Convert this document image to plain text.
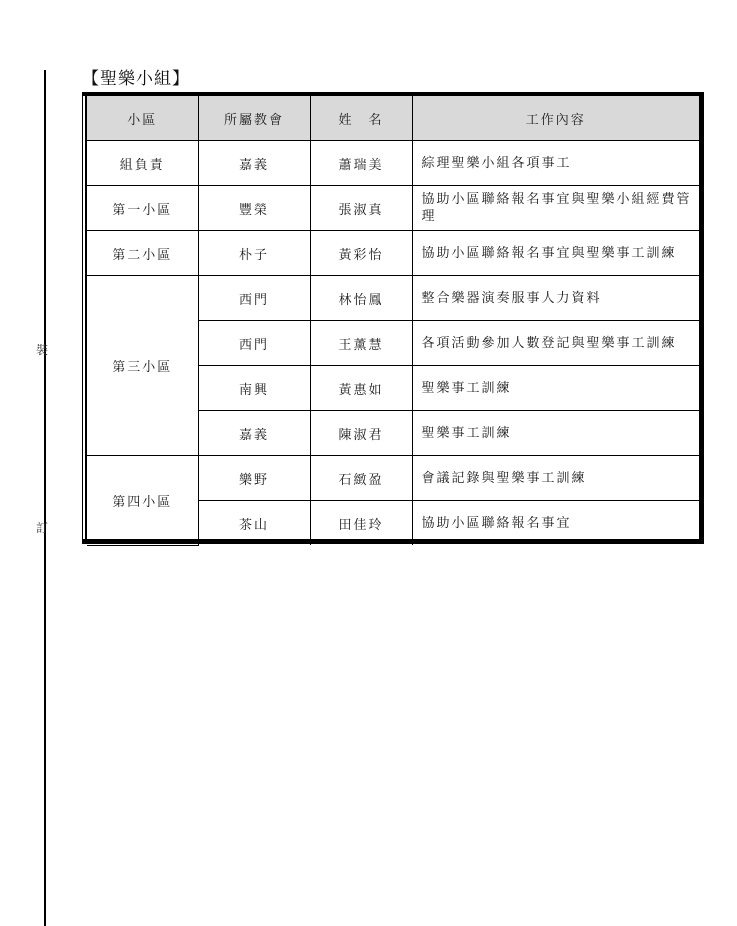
裝
訂
【聖樂小組】
小區	所屬教會	姓　名	工作內容
組負責	嘉義	蕭瑞美	綜理聖樂小組各項事工
第一小區	豐榮	張淑真	協助小區聯絡報名事宜與聖樂小組經費管理
第二小區	朴子	黃彩怡	協助小區聯絡報名事宜與聖樂事工訓練
第三小區	西門	林怡鳳	整合樂器演奏服事人力資料
	西門	王薰慧	各項活動參加人數登記與聖樂事工訓練
	南興	黃惠如	聖樂事工訓練
	嘉義	陳淑君	聖樂事工訓練
第四小區	樂野	石緻盈	會議記錄與聖樂事工訓練
	茶山	田佳玲	協助小區聯絡報名事宜
